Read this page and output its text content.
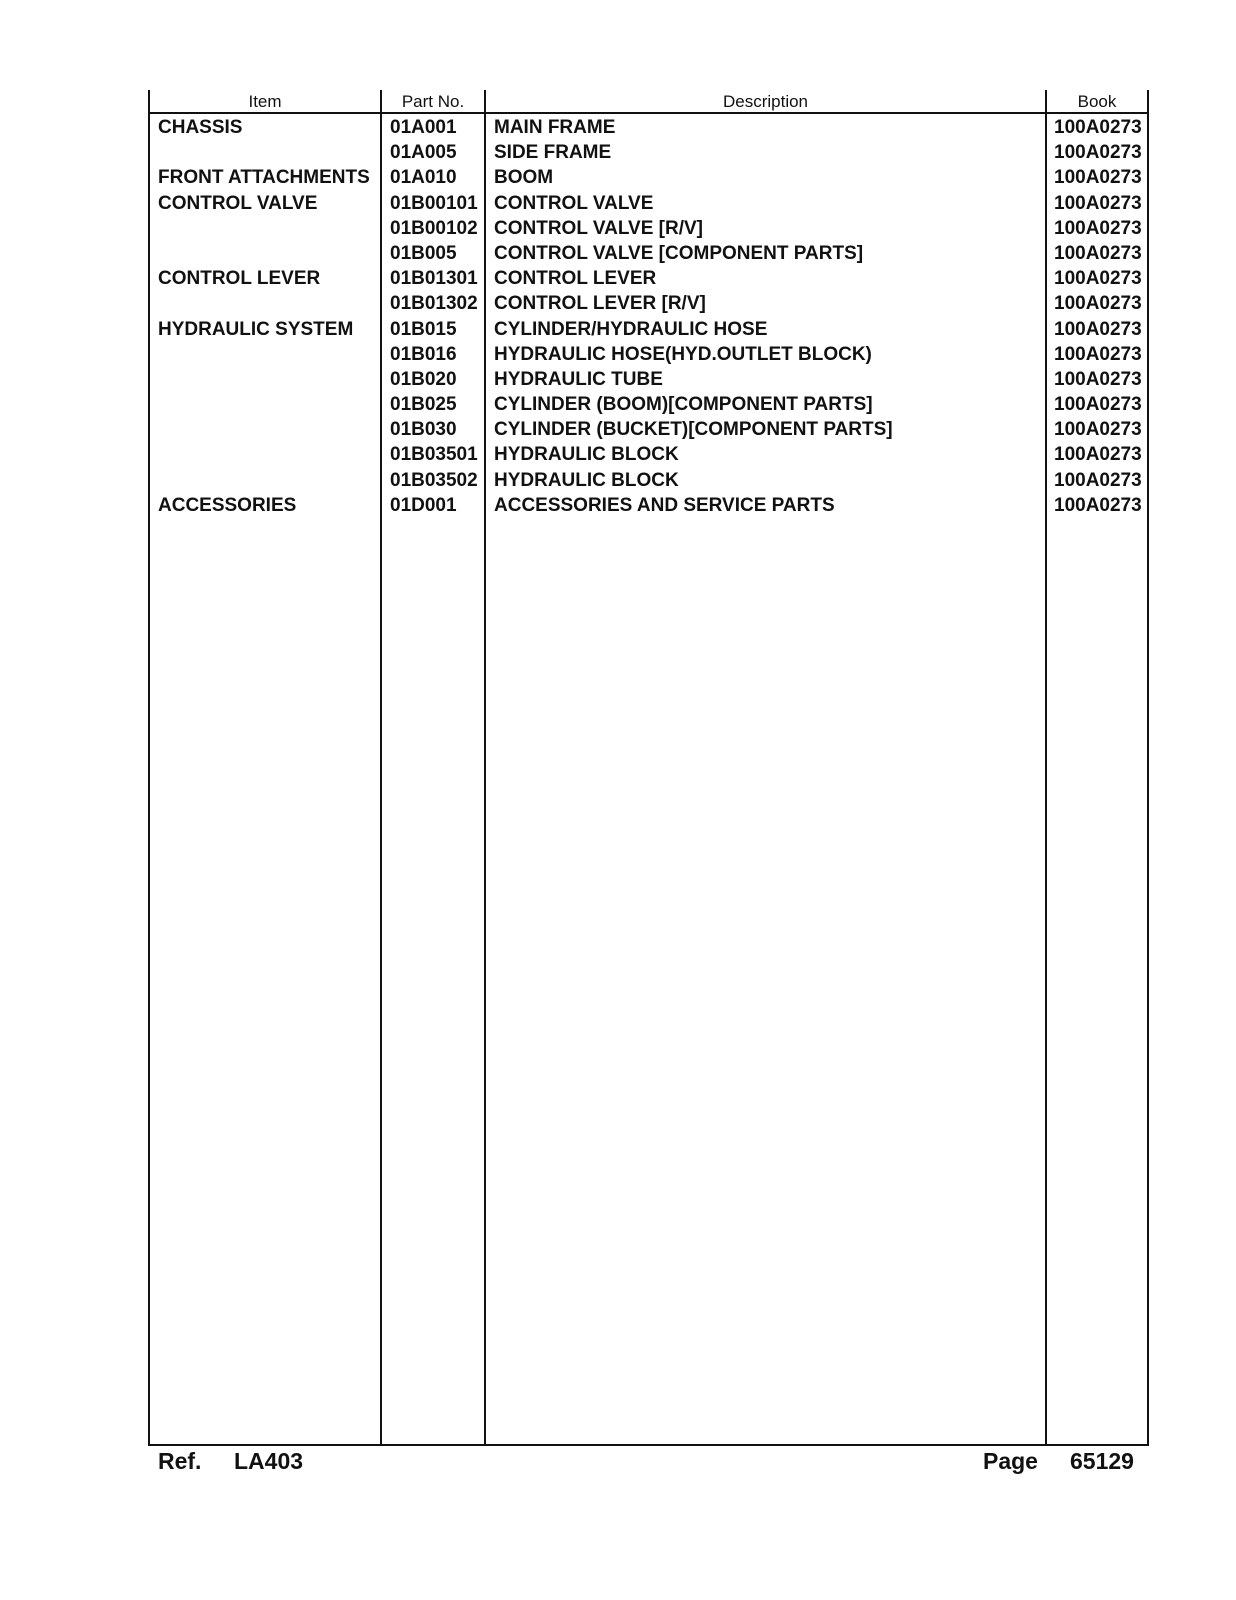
Item	Part No.	Description	Book
CHASSIS	01A001 MAIN FRAME	100A0273
01A005 SIDE FRAME	100A0273
FRONT ATTACHMENTS 01A010 BOOM	100A0273
CONTROL VALVE	01B00101 CONTROL VALVE	100A0273
01B00102 CONTROL VALVE [R/V]	100A0273
01B005 CONTROL VALVE [COMPONENT PARTS]	100A0273
CONTROL LEVER	01B01301 CONTROL LEVER	100A0273
01B01302 CONTROL LEVER [R/V]	100A0273
HYDRAULIC SYSTEM 01B015 CYLINDER/HYDRAULIC HOSE	100A0273
01B016 HYDRAULIC HOSE(HYD.OUTLET BLOCK)	100A0273
01B020 HYDRAULIC TUBE	100A0273
01B025 CYLINDER (BOOM)[COMPONENT PARTS]	100A0273
01B030 CYLINDER (BUCKET)[COMPONENT PARTS]	100A0273
01B03501 HYDRAULIC BLOCK	100A0273
01B03502 HYDRAULIC BLOCK	100A0273
ACCESSORIES	01D001 ACCESSORIES AND SERVICE PARTS	100A0273
Ref. LA403	Page 65129
